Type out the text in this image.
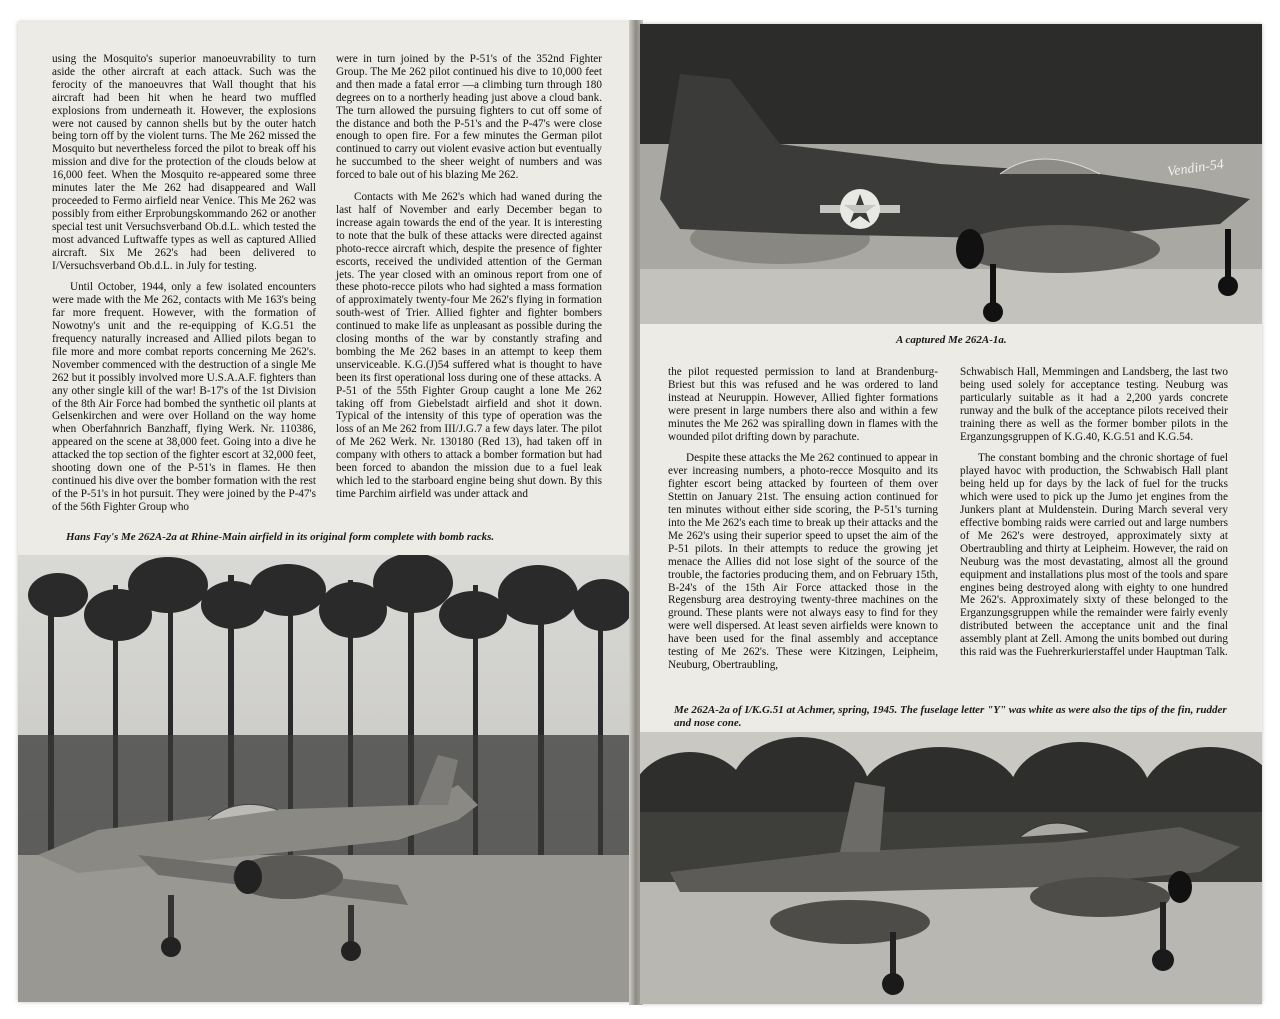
using the Mosquito's superior manoeuvrability to turn aside the other aircraft at each attack. Such was the ferocity of the manoeuvres that Wall thought that his aircraft had been hit when he heard two muffled explosions from underneath it. However, the explosions were not caused by cannon shells but by the outer hatch being torn off by the violent turns. The Me 262 missed the Mosquito but nevertheless forced the pilot to break off his mission and dive for the protection of the clouds below at 16,000 feet. When the Mosquito re-appeared some three minutes later the Me 262 had disappeared and Wall proceeded to Fermo airfield near Venice. This Me 262 was possibly from either Erprobungskommando 262 or another special test unit Versuchsverband Ob.d.L. which tested the most advanced Luftwaffe types as well as captured Allied aircraft. Six Me 262's had been delivered to I/Versuchsverband Ob.d.L. in July for testing.

Until October, 1944, only a few isolated encounters were made with the Me 262, contacts with Me 163's being far more frequent. However, with the formation of Nowotny's unit and the re-equipping of K.G.51 the frequency naturally increased and Allied pilots began to file more and more combat reports concerning Me 262's. November commenced with the destruction of a single Me 262 but it possibly involved more U.S.A.A.F. fighters than any other single kill of the war! B-17's of the 1st Division of the 8th Air Force had bombed the synthetic oil plants at Gelsenkirchen and were over Holland on the way home when Oberfahnrich Banzhaff, flying Werk. Nr. 110386, appeared on the scene at 38,000 feet. Going into a dive he attacked the top section of the fighter escort at 32,000 feet, shooting down one of the P-51's in flames. He then continued his dive over the bomber formation with the rest of the P-51's in hot pursuit. They were joined by the P-47's of the 56th Fighter Group who

were in turn joined by the P-51's of the 352nd Fighter Group. The Me 262 pilot continued his dive to 10,000 feet and then made a fatal error —a climbing turn through 180 degrees on to a northerly heading just above a cloud bank. The turn allowed the pursuing fighters to cut off some of the distance and both the P-51's and the P-47's were close enough to open fire. For a few minutes the German pilot continued to carry out violent evasive action but eventually he succumbed to the sheer weight of numbers and was forced to bale out of his blazing Me 262.

Contacts with Me 262's which had waned during the last half of November and early December began to increase again towards the end of the year. It is interesting to note that the bulk of these attacks were directed against photo-recce aircraft which, despite the presence of fighter escorts, received the undivided attention of the German jets. The year closed with an ominous report from one of these photo-recce pilots who had sighted a mass formation of approximately twenty-four Me 262's flying in formation south-west of Trier. Allied fighter and fighter bombers continued to make life as unpleasant as possible during the closing months of the war by constantly strafing and bombing the Me 262 bases in an attempt to keep them unserviceable. K.G.(J)54 suffered what is thought to have been its first operational loss during one of these attacks. A P-51 of the 55th Fighter Group caught a lone Me 262 taking off from Giebelstadt airfield and shot it down. Typical of the intensity of this type of operation was the loss of an Me 262 from III/J.G.7 a few days later. The pilot of Me 262 Werk. Nr. 130180 (Red 13), had taken off in company with others to attack a bomber formation but had been forced to abandon the mission due to a fuel leak which led to the starboard engine being shut down. By this time Parchim airfield was under attack and

Hans Fay's Me 262A-2a at Rhine-Main airfield in its original form complete with bomb racks.
Vendin-54
A captured Me 262A-1a.

the pilot requested permission to land at Brandenburg-Briest but this was refused and he was ordered to land instead at Neuruppin. However, Allied fighter formations were present in large numbers there also and within a few minutes the Me 262 was spiralling down in flames with the wounded pilot drifting down by parachute.

Despite these attacks the Me 262 continued to appear in ever increasing numbers, a photo-recce Mosquito and its fighter escort being attacked by fourteen of them over Stettin on January 21st. The ensuing action continued for ten minutes without either side scoring, the P-51's turning into the Me 262's each time to break up their attacks and the Me 262's using their superior speed to upset the aim of the P-51 pilots. In their attempts to reduce the growing jet menace the Allies did not lose sight of the source of the trouble, the factories producing them, and on February 15th, B-24's of the 15th Air Force attacked those in the Regensburg area destroying twenty-three machines on the ground. These plants were not always easy to find for they were well dispersed. At least seven airfields were known to have been used for the final assembly and acceptance testing of Me 262's. These were Kitzingen, Leipheim, Neuburg, Obertraubling,

Schwabisch Hall, Memmingen and Landsberg, the last two being used solely for acceptance testing. Neuburg was particularly suitable as it had a 2,200 yards concrete runway and the bulk of the acceptance pilots received their training there as well as the former bomber pilots in the Erganzungsgruppen of K.G.40, K.G.51 and K.G.54.

The constant bombing and the chronic shortage of fuel played havoc with production, the Schwabisch Hall plant being held up for days by the lack of fuel for the trucks which were used to pick up the Jumo jet engines from the Junkers plant at Muldenstein. During March several very effective bombing raids were carried out and large numbers of Me 262's were destroyed, approximately sixty at Obertraubling and thirty at Leipheim. However, the raid on Neuburg was the most devastating, almost all the ground equipment and installations plus most of the tools and spare engines being destroyed along with eighty to one hundred Me 262's. Approximately sixty of these belonged to the Erganzungsgruppen while the remainder were fairly evenly distributed between the acceptance unit and the final assembly plant at Zell. Among the units bombed out during this raid was the Fuehrerkurierstaffel under Hauptman Talk.

Me 262A-2a of I/K.G.51 at Achmer, spring, 1945. The fuselage letter "Y" was white as were also the tips of the fin, rudder and nose cone.
